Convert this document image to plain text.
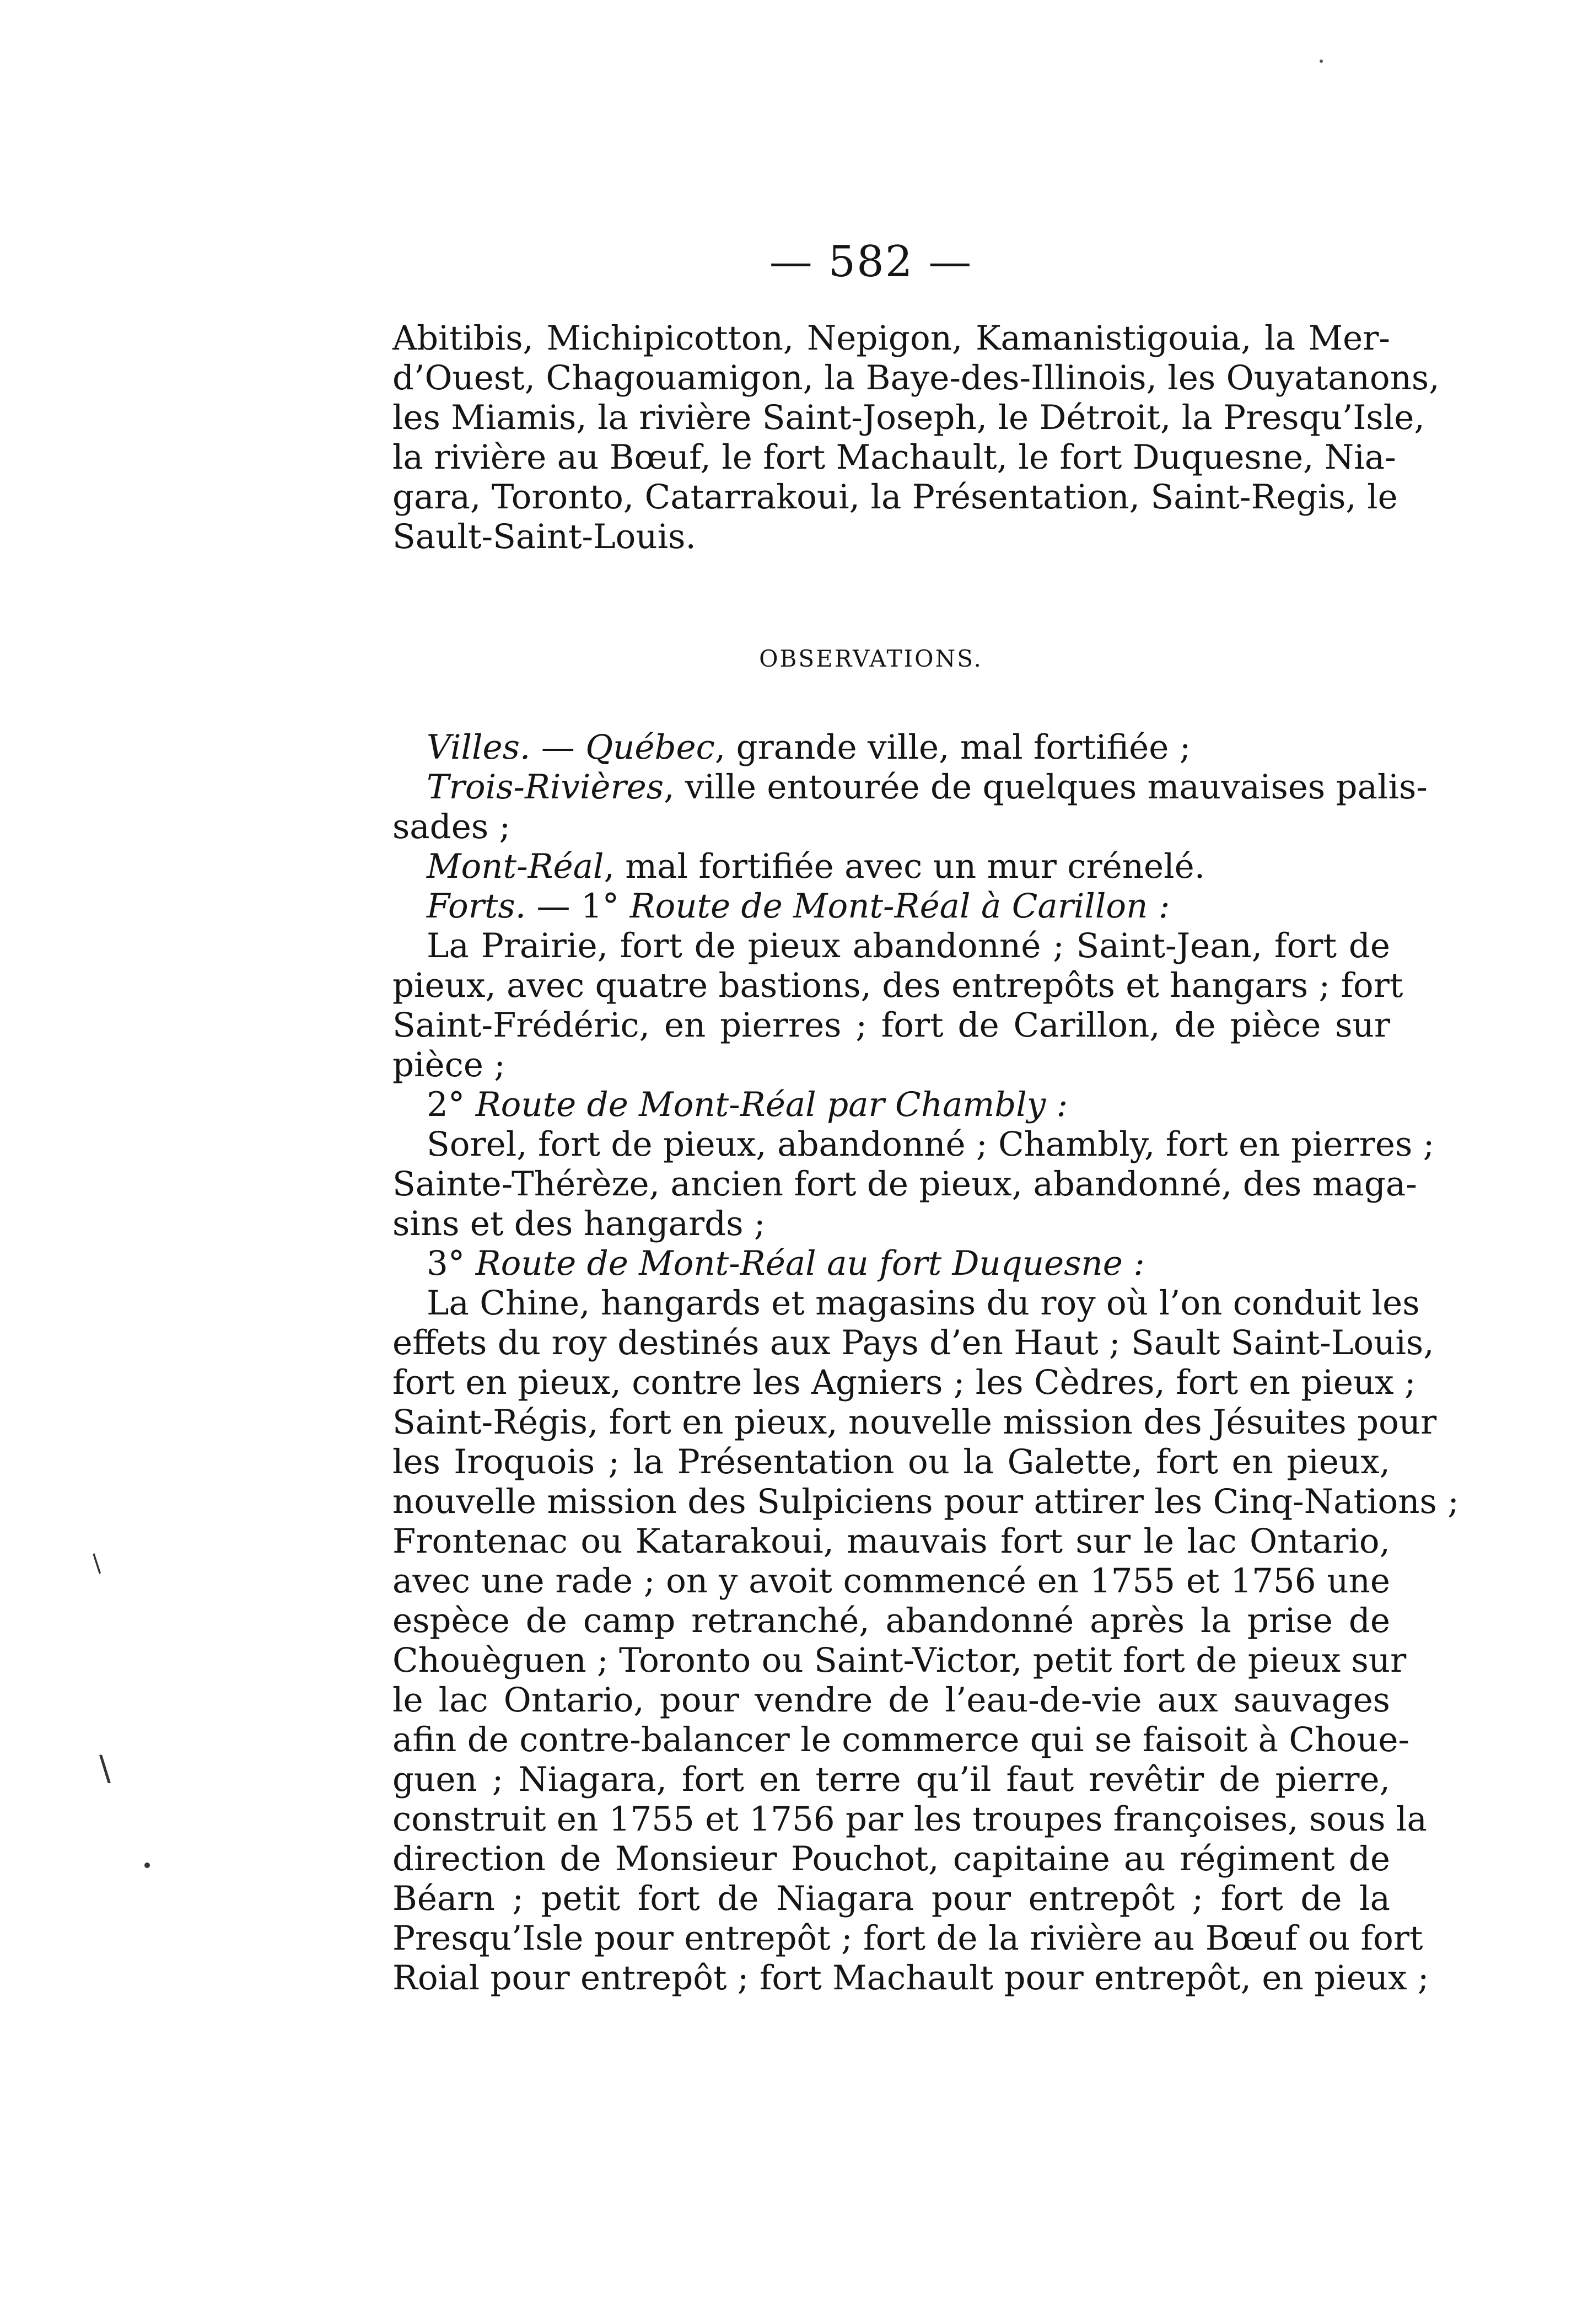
— 582 —
Abitibis, Michipicotton, Nepigon, Kamanistigouia, la Mer-
d’Ouest, Chagouamigon, la Baye-des-Illinois, les Ouyatanons,
les Miamis, la rivière Saint-Joseph, le Détroit, la Presqu’Isle,
la rivière au Bœuf, le fort Machault, le fort Duquesne, Nia-
gara, Toronto, Catarrakoui, la Présentation, Saint-Regis, le
Sault-Saint-Louis.
OBSERVATIONS.
Villes. — Québec, grande ville, mal fortifiée ;
Trois-Rivières, ville entourée de quelques mauvaises palis-
sades ;
Mont-Réal, mal fortifiée avec un mur crénelé.
Forts. — 1° Route de Mont-Réal à Carillon :
La Prairie, fort de pieux abandonné ; Saint-Jean, fort de
pieux, avec quatre bastions, des entrepôts et hangars ; fort
Saint-Frédéric, en pierres ; fort de Carillon, de pièce sur
pièce ;
2° Route de Mont-Réal par Chambly :
Sorel, fort de pieux, abandonné ; Chambly, fort en pierres ;
Sainte-Thérèze, ancien fort de pieux, abandonné, des maga-
sins et des hangards ;
3° Route de Mont-Réal au fort Duquesne :
La Chine, hangards et magasins du roy où l’on conduit les
effets du roy destinés aux Pays d’en Haut ; Sault Saint-Louis,
fort en pieux, contre les Agniers ; les Cèdres, fort en pieux ;
Saint-Régis, fort en pieux, nouvelle mission des Jésuites pour
les Iroquois ; la Présentation ou la Galette, fort en pieux,
nouvelle mission des Sulpiciens pour attirer les Cinq-Nations ;
Frontenac ou Katarakoui, mauvais fort sur le lac Ontario,
avec une rade ; on y avoit commencé en 1755 et 1756 une
espèce de camp retranché, abandonné après la prise de
Chouèguen ; Toronto ou Saint-Victor, petit fort de pieux sur
le lac Ontario, pour vendre de l’eau-de-vie aux sauvages
afin de contre-balancer le commerce qui se faisoit à Choue-
guen ; Niagara, fort en terre qu’il faut revêtir de pierre,
construit en 1755 et 1756 par les troupes françoises, sous la
direction de Monsieur Pouchot, capitaine au régiment de
Béarn ; petit fort de Niagara pour entrepôt ; fort de la
Presqu’Isle pour entrepôt ; fort de la rivière au Bœuf ou fort
Roial pour entrepôt ; fort Machault pour entrepôt, en pieux ;
/
\
